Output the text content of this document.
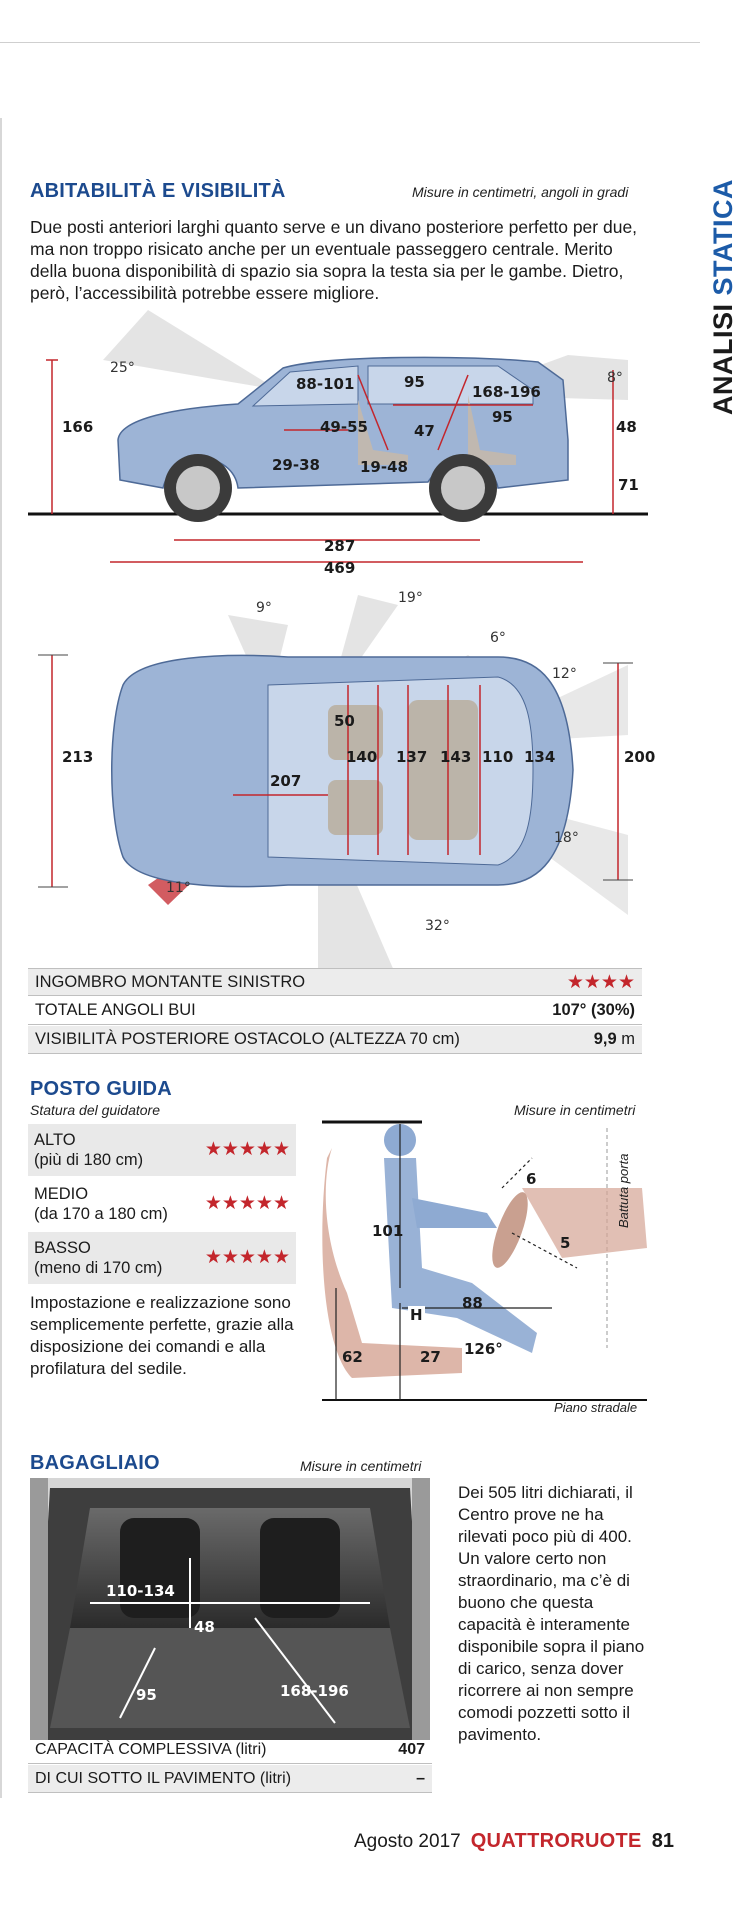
ANALISI STATICA
ABITABILITÀ E VISIBILITÀ	Misure in centimetri, angoli in gradi
Due posti anteriori larghi quanto serve e un divano posteriore perfetto per due, ma non troppo risicato anche per un eventuale passeggero centrale. Merito della buona disponibilità di spazio sia sopra la testa sia per le gambe. Dietro, però, l’accessibilità potrebbe essere migliore.
25°
8°
166
88-101	95
168-196
95
48
71
49-55	47
29-38	19-48
287
469
9°
19°
6°
12°
18°
11°
32°
213	200
50
140 137 143 110 134
207
INGOMBRO MONTANTE SINISTRO	★★★★
TOTALE ANGOLI BUI	107° (30%)
VISIBILITÀ POSTERIORE OSTACOLO (ALTEZZA 70 cm)	9,9 m
POSTO GUIDA
Statura del guidatore	Misure in centimetri
ALTO
(più di 180 cm)	★★★★★
MEDIO
(da 170 a 180 cm)	★★★★★
BASSO
(meno di 170 cm)	★★★★★
Impostazione e realizzazione sono semplicemente perfette, grazie alla disposizione dei comandi e alla profilatura del sedile.
6
101
5
88
H
62	27 126°
Battuta porta
Piano stradale
BAGAGLIAIO	Misure in centimetri
110-134
48
95	168-196
CAPACITÀ COMPLESSIVA (litri)	407
DI CUI SOTTO IL PAVIMENTO (litri)	–
Dei 505 litri dichiarati, il Centro prove ne ha rilevati poco più di 400. Un valore certo non straordinario, ma c’è di buono che questa capacità è interamente disponibile sopra il piano di carico, senza dover ricorrere ai non sempre comodi pozzetti sotto il pavimento.
Agosto 2017 QUATTRORUOTE 81
